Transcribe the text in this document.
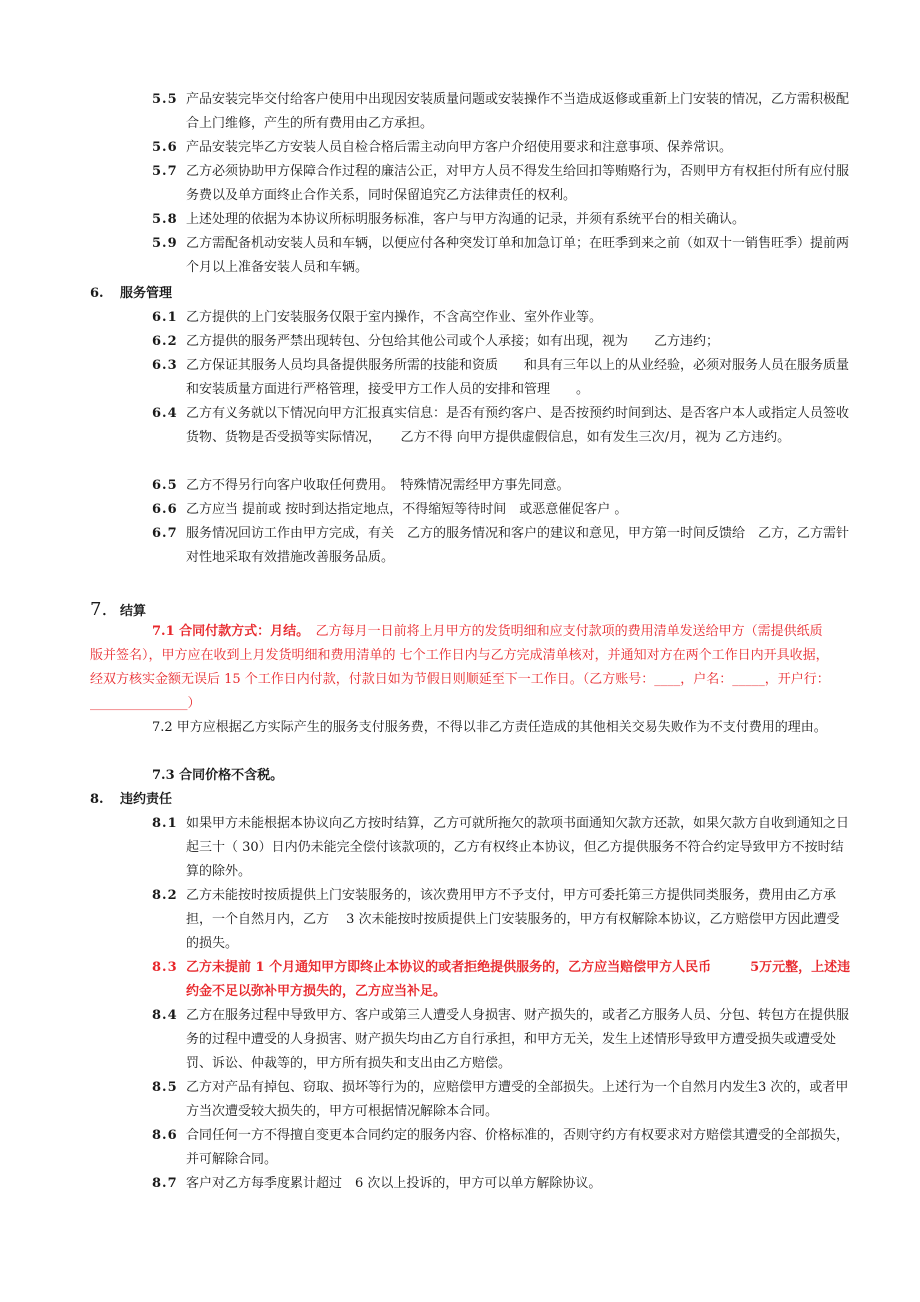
5.5 产品安装完毕交付给客户使用中出现因安装质量问题或安装操作不当造成返修或重新上门安装的情况，乙方需积极配合上门维修，产生的所有费用由乙方承担。
5.6 产品安装完毕乙方安装人员自检合格后需主动向甲方客户介绍使用要求和注意事项、保养常识。
5.7 乙方必须协助甲方保障合作过程的廉洁公正，对甲方人员不得发生给回扣等贿赂行为，否则甲方有权拒付所有应付服务费以及单方面终止合作关系，同时保留追究乙方法律责任的权利。
5.8 上述处理的依据为本协议所标明服务标准，客户与甲方沟通的记录，并须有系统平台的相关确认。
5.9 乙方需配备机动安装人员和车辆，以便应付各种突发订单和加急订单；在旺季到来之前（如双十一销售旺季）提前两个月以上准备安装人员和车辆。
6. 服务管理
6.1 乙方提供的上门安装服务仅限于室内操作，不含高空作业、室外作业等。
6.2 乙方提供的服务严禁出现转包、分包给其他公司或个人承接；如有出现，视为　　乙方违约；
6.3 乙方保证其服务人员均具备提供服务所需的技能和资质　　和具有三年以上的从业经验，必须对服务人员在服务质量和安装质量方面进行严格管理，接受甲方工作人员的安排和管理　　。
6.4 乙方有义务就以下情况向甲方汇报真实信息：是否有预约客户、是否按预约时间到达、是否客户本人或指定人员签收货物、货物是否受损等实际情况，　　乙方不得 向甲方提供虚假信息，如有发生三次/月，视为 乙方违约。
6.5 乙方不得另行向客户收取任何费用。　特殊情况需经甲方事先同意。
6.6 乙方应当 提前或 按时到达指定地点，不得缩短等待时间　或恶意催促客户 。
6.7 服务情况回访工作由甲方完成，有关　乙方的服务情况和客户的建议和意见，甲方第一时间反馈给　乙方，乙方需针对性地采取有效措施改善服务品质。
7. 结算
7.1 合同付款方式：月结。　 乙方每月一日前将上月甲方的发货明细和应支付款项的费用清单发送给甲方（需提供纸质版并签名），甲方应在收到上月发货明细和费用清单的 七个工作日内与乙方完成清单核对，并通知对方在两个工作日内开具收据，经双方核实金额无误后 15 个工作日内付款，付款日如为节假日则顺延至下一工作日。（乙方账号：____，户名：_____，开户行：_______________）
7.2 甲方应根据乙方实际产生的服务支付服务费，不得以非乙方责任造成的其他相关交易失败作为不支付费用的理由。
7.3 合同价格不含税。
8. 违约责任
8.1 如果甲方未能根据本协议向乙方按时结算，乙方可就所拖欠的款项书面通知欠款方还款，如果欠款方自收到通知之日起三十（ 30）日内仍未能完全偿付该款项的，乙方有权终止本协议，但乙方提供服务不符合约定导致甲方不按时结算的除外。
8.2 乙方未能按时按质提供上门安装服务的，该次费用甲方不予支付，甲方可委托第三方提供同类服务，费用由乙方承担，一个自然月内，乙方　 3 次未能按时按质提供上门安装服务的，甲方有权解除本协议，乙方赔偿甲方因此遭受的损失。
8.3 乙方未提前 1 个月通知甲方即终止本协议的或者拒绝提供服务的，乙方应当赔偿甲方人民币　　　5万元整，上述违约金不足以弥补甲方损失的，乙方应当补足。
8.4 乙方在服务过程中导致甲方、客户或第三人遭受人身损害、财产损失的，或者乙方服务人员、分包、转包方在提供服务的过程中遭受的人身损害、财产损失均由乙方自行承担，和甲方无关，发生上述情形导致甲方遭受损失或遭受处罚、诉讼、仲裁等的，甲方所有损失和支出由乙方赔偿。
8.5 乙方对产品有掉包、窃取、损坏等行为的，应赔偿甲方遭受的全部损失。上述行为一个自然月内发生3 次的，或者甲方当次遭受较大损失的，甲方可根据情况解除本合同。
8.6 合同任何一方不得擅自变更本合同约定的服务内容、价格标准的，否则守约方有权要求对方赔偿其遭受的全部损失，并可解除合同。
8.7 客户对乙方每季度累计超过　6 次以上投诉的，甲方可以单方解除协议。
